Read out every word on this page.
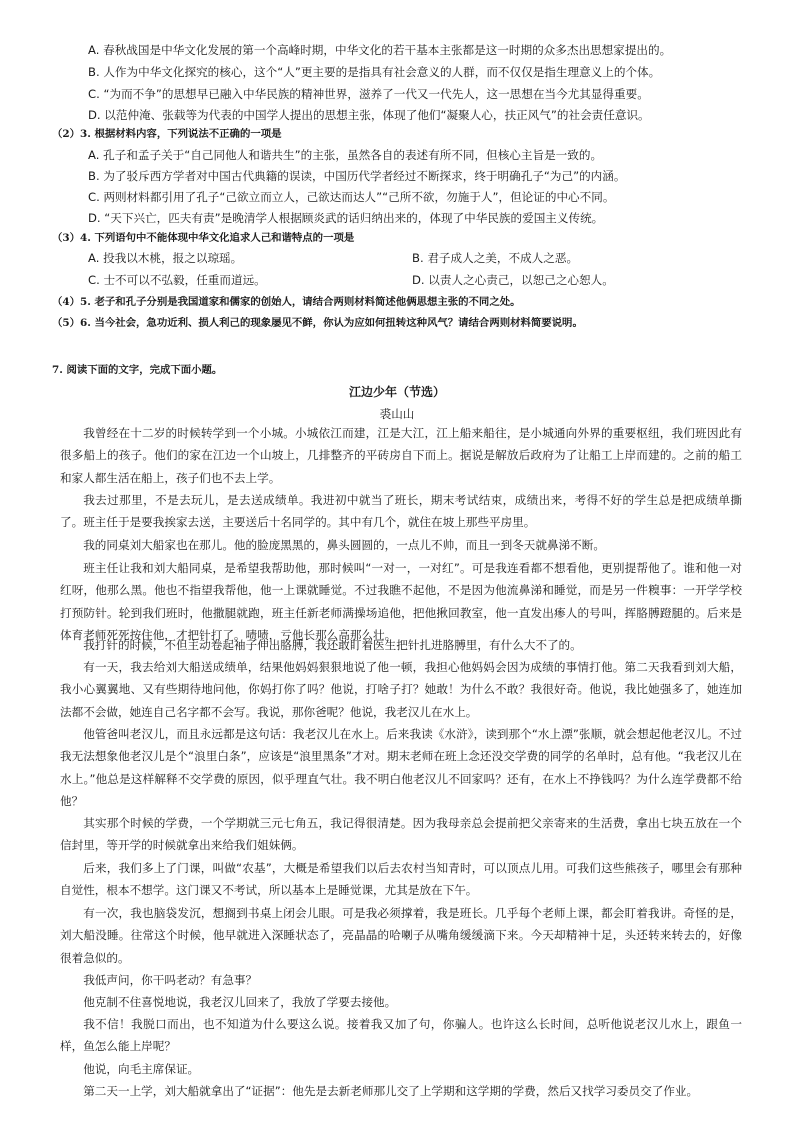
A. 春秋战国是中华文化发展的第一个高峰时期，中华文化的若干基本主张都是这一时期的众多杰出思想家提出的。
B. 人作为中华文化探究的核心，这个“人”更主要的是指具有社会意义的人群，而不仅仅是指生理意义上的个体。
C. “为而不争”的思想早已融入中华民族的精神世界，滋养了一代又一代先人，这一思想在当今尤其显得重要。
D. 以范仲淹、张载等为代表的中国学人提出的思想主张，体现了他们“凝聚人心，扶正风气”的社会责任意识。
（2）3. 根据材料内容，下列说法不正确的一项是
A. 孔子和孟子关于“自己同他人和谐共生”的主张，虽然各自的表述有所不同，但核心主旨是一致的。
B. 为了驳斥西方学者对中国古代典籍的误读，中国历代学者经过不断探求，终于明确孔子“为己”的内涵。
C. 两则材料都引用了孔子“己欲立而立人，己欲达而达人”“己所不欲，勿施于人”，但论证的中心不同。
D. “天下兴亡，匹夫有责”是晚清学人根据顾炎武的话归纳出来的，体现了中华民族的爱国主义传统。
（3）4. 下列语句中不能体现中华文化追求人己和谐特点的一项是
A. 投我以木桃，报之以琼瑶。	B. 君子成人之美，不成人之恶。
C. 士不可以不弘毅，任重而道远。	D. 以责人之心责己，以恕己之心恕人。
（4）5. 老子和孔子分别是我国道家和儒家的创始人，请结合两则材料简述他俩思想主张的不同之处。
（5）6. 当今社会，急功近利、损人利己的现象屡见不鲜，你认为应如何扭转这种风气？请结合两则材料简要说明。
7. 阅读下面的文字，完成下面小题。
江边少年（节选）
裘山山

我曾经在十二岁的时候转学到一个小城。小城依江而建，江是大江，江上船来船往，是小城通向外界的重要枢纽，我们班因此有很多船上的孩子。他们的家在江边一个山坡上，几排整齐的平砖房自下而上。据说是解放后政府为了让船工上岸而建的。之前的船工和家人都生活在船上，孩子们也不去上学。

我去过那里，不是去玩儿，是去送成绩单。我进初中就当了班长，期末考试结束，成绩出来，考得不好的学生总是把成绩单撕了。班主任于是要我挨家去送，主要送后十名同学的。其中有几个，就住在坡上那些平房里。

我的同桌刘大船家也在那儿。他的脸庞黑黑的，鼻头圆圆的，一点儿不帅，而且一到冬天就鼻涕不断。

班主任让我和刘大船同桌，是希望我帮助他，那时候叫“一对一，一对红”。可是我连看都不想看他，更别提帮他了。谁和他一对红呀，他那么黑。他也不指望我帮他，他一上课就睡觉。不过我瞧不起他，不是因为他流鼻涕和睡觉，而是另一件糗事：一开学学校打预防针。轮到我们班时，他撒腿就跑，班主任新老师满操场追他，把他揪回教室，他一直发出瘆人的号叫，挥胳膊蹬腿的。后来是体育老师死死按住他，才把针打了。啧啧，亏他长那么高那么壮。

我打针的时候，不但主动卷起袖子伸出胳膊，我还敢盯着医生把针扎进胳膊里，有什么大不了的。

有一天，我去给刘大船送成绩单，结果他妈妈狠狠地说了他一顿，我担心他妈妈会因为成绩的事情打他。第二天我看到刘大船，我小心翼翼地、又有些期待地问他，你妈打你了吗？他说，打啥子打？她敢！为什么不敢？我很好奇。他说，我比她强多了，她连加法都不会做，她连自己名字都不会写。我说，那你爸呢？他说，我老汉儿在水上。

他管爸叫老汉儿，而且永远都是这句话：我老汉儿在水上。后来我读《水浒》，读到那个“水上漂”张顺，就会想起他老汉儿。不过我无法想象他老汉儿是个“浪里白条”，应该是“浪里黑条”才对。期末老师在班上念还没交学费的同学的名单时，总有他。“我老汉儿在水上。”他总是这样解释不交学费的原因，似乎理直气壮。我不明白他老汉儿不回家吗？还有，在水上不挣钱吗？为什么连学费都不给他？

其实那个时候的学费，一个学期就三元七角五，我记得很清楚。因为我母亲总会提前把父亲寄来的生活费，拿出七块五放在一个信封里，等开学的时候就拿出来给我们姐妹俩。

后来，我们多上了门课，叫做“农基”，大概是希望我们以后去农村当知青时，可以顶点儿用。可我们这些熊孩子，哪里会有那种自觉性，根本不想学。这门课又不考试，所以基本上是睡觉课，尤其是放在下午。

有一次，我也脑袋发沉，想搁到书桌上闭会儿眼。可是我必须撑着，我是班长。几乎每个老师上课，都会盯着我讲。奇怪的是，刘大船没睡。往常这个时候，他早就进入深睡状态了，亮晶晶的哈喇子从嘴角缓缓滴下来。今天却精神十足，头还转来转去的，好像很着急似的。

我低声问，你干吗老动？有急事？

他克制不住喜悦地说，我老汉儿回来了，我放了学要去接他。

我不信！我脱口而出，也不知道为什么要这么说。接着我又加了句，你骗人。也许这么长时间，总听他说老汉儿水上，跟鱼一样，鱼怎么能上岸呢？

他说，向毛主席保证。

第二天一上学，刘大船就拿出了“证据”：他先是去新老师那儿交了上学期和这学期的学费，然后又找学习委员交了作业。
